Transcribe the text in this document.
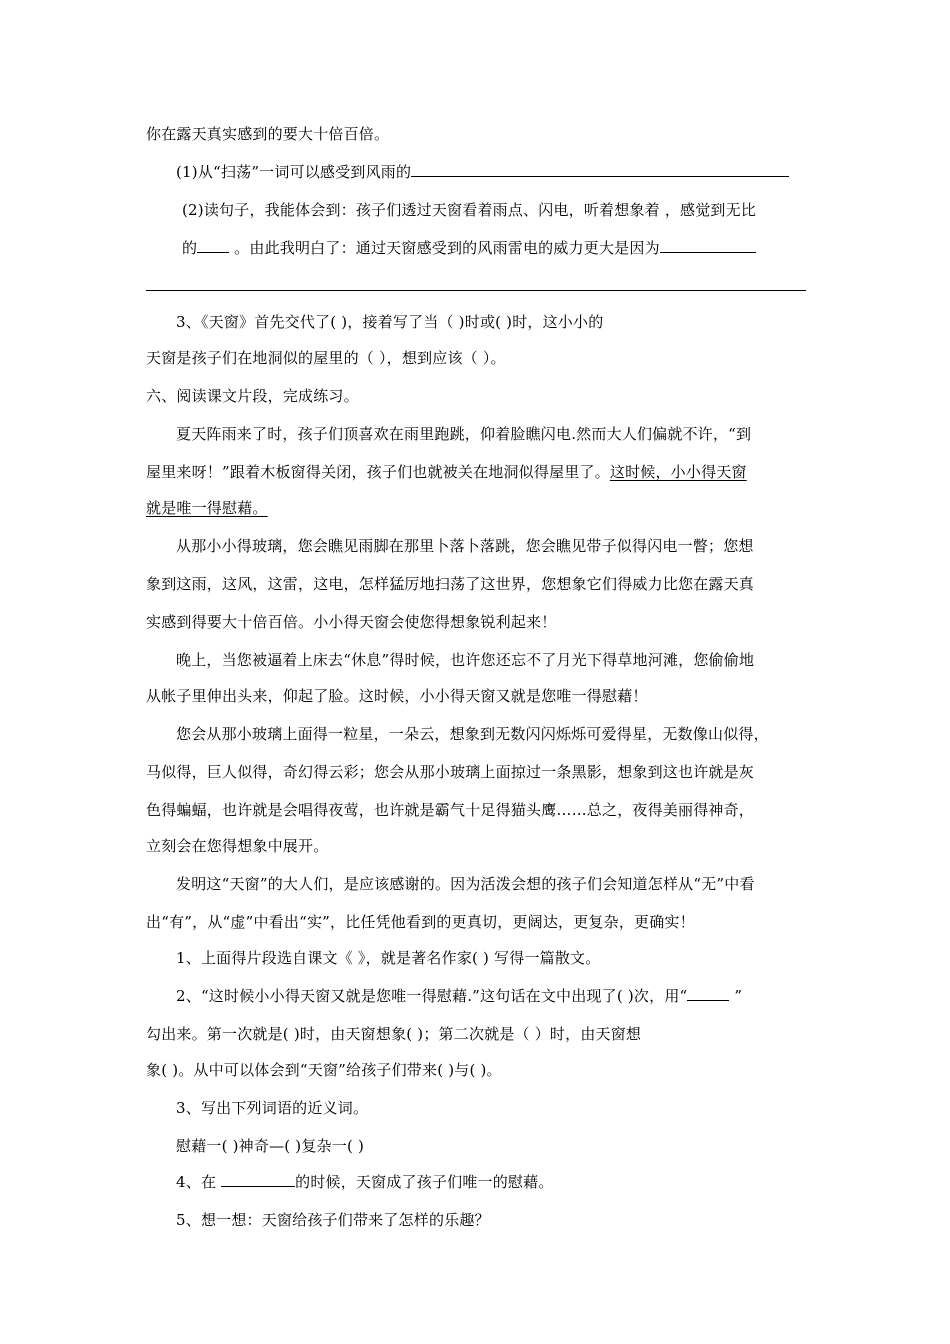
你在露天真实感到的要大十倍百倍。
(1)从“扫荡”一词可以感受到风雨的
(2)读句子，我能体会到：孩子们透过天窗看着雨点、闪电，听着想象着 ，感觉到无比
的 。由此我明白了：通过天窗感受到的风雨雷电的威力更大是因为
3、《天窗》首先交代了( )，接着写了当（ )时或( )时，这小小的
天窗是孩子们在地洞似的屋里的（ ），想到应该（ ）。
六、阅读课文片段，完成练习。
夏天阵雨来了时，孩子们顶喜欢在雨里跑跳，仰着脸瞧闪电.然而大人们偏就不许，“到
屋里来呀！”跟着木板窗得关闭，孩子们也就被关在地洞似得屋里了。这时候，小小得天窗
就是唯一得慰藉。
从那小小得玻璃，您会瞧见雨脚在那里卜落卜落跳，您会瞧见带子似得闪电一瞥；您想
象到这雨，这风，这雷，这电，怎样猛厉地扫荡了这世界，您想象它们得威力比您在露天真
实感到得要大十倍百倍。小小得天窗会使您得想象锐利起来！
晚上，当您被逼着上床去“休息”得时候，也许您还忘不了月光下得草地河滩，您偷偷地
从帐子里伸出头来，仰起了脸。这时候，小小得天窗又就是您唯一得慰藉！
您会从那小玻璃上面得一粒星，一朵云，想象到无数闪闪烁烁可爱得星，无数像山似得，
马似得，巨人似得，奇幻得云彩；您会从那小玻璃上面掠过一条黑影，想象到这也许就是灰
色得蝙蝠，也许就是会唱得夜莺，也许就是霸气十足得猫头鹰……总之，夜得美丽得神奇，
立刻会在您得想象中展开。
发明这“天窗”的大人们，是应该感谢的。因为活泼会想的孩子们会知道怎样从“无”中看
出“有”，从“虚”中看出“实”，比任凭他看到的更真切，更阔达，更复杂，更确实！
1、上面得片段选自课文《 》，就是著名作家( ) 写得一篇散文。
2、“这时候小小得天窗又就是您唯一得慰藉.”这句话在文中出现了( )次，用“	”
勾出来。第一次就是( )时，由天窗想象( )；第二次就是（ ）时，由天窗想
象( )。从中可以体会到“天窗”给孩子们带来( )与( )。
3、写出下列词语的近义词。
慰藉一( )神奇—( )复杂一( )
4、在	的时候，天窗成了孩子们唯一的慰藉。
5、想一想：天窗给孩子们带来了怎样的乐趣？
